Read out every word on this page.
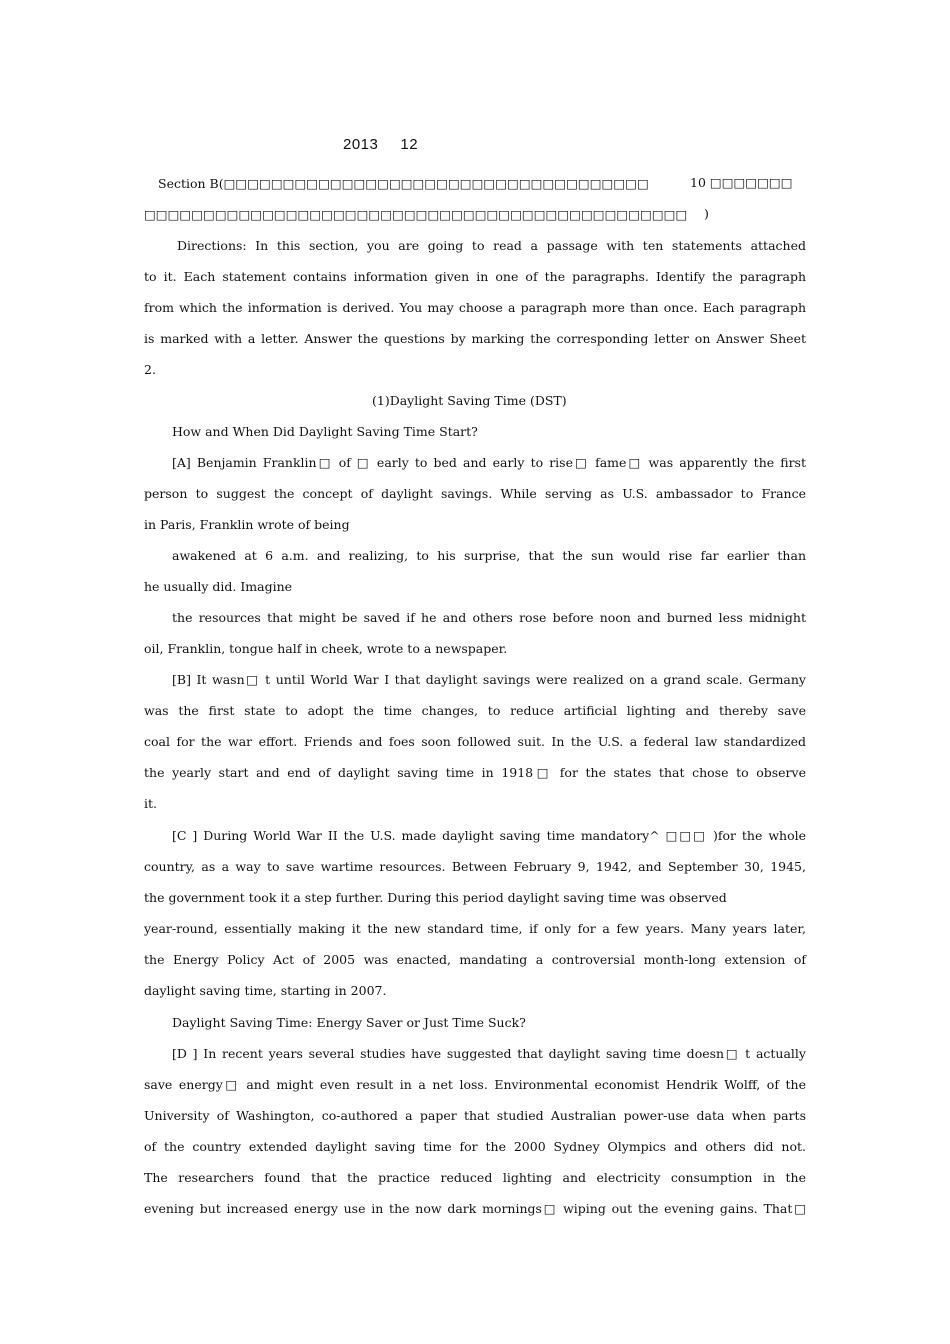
2013 12
Section B(□□□□□□□□□□□□□□□□□□□□□□□□□□□□□□□□□□□□	10 □□□□□□□
□□□□□□□□□□□□□□□□□□□□□□□□□□□□□□□□□□□□□□□□□□□□□□ )
Directions: In this section, you are going to read a passage with ten statements attached
to it. Each statement contains information given in one of the paragraphs. Identify the paragraph
from which the information is derived. You may choose a paragraph more than once. Each paragraph
is marked with a letter. Answer the questions by marking the corresponding letter on Answer Sheet
2.
(1)Daylight Saving Time (DST)
How and When Did Daylight Saving Time Start?
[A] Benjamin Franklin□ of □ early to bed and early to rise□ fame□ was apparently the first
person to suggest the concept of daylight savings. While serving as U.S. ambassador to France
in Paris, Franklin wrote of being
awakened at 6 a.m. and realizing, to his surprise, that the sun would rise far earlier than
he usually did. Imagine
the resources that might be saved if he and others rose before noon and burned less midnight
oil, Franklin, tongue half in cheek, wrote to a newspaper.
[B] It wasn□ t until World War I that daylight savings were realized on a grand scale. Germany
was the first state to adopt the time changes, to reduce artificial lighting and thereby save
coal for the war effort. Friends and foes soon followed suit. In the U.S. a federal law standardized
the yearly start and end of daylight saving time in 1918□ for the states that chose to observe
it.
[C ] During World War II the U.S. made daylight saving time mandatory^ □□□ )for the whole
country, as a way to save wartime resources. Between February 9, 1942, and September 30, 1945,
the government took it a step further. During this period daylight saving time was observed
year-round, essentially making it the new standard time, if only for a few years. Many years later,
the Energy Policy Act of 2005 was enacted, mandating a controversial month-long extension of
daylight saving time, starting in 2007.
Daylight Saving Time: Energy Saver or Just Time Suck?
[D ] In recent years several studies have suggested that daylight saving time doesn□ t actually
save energy□ and might even result in a net loss. Environmental economist Hendrik Wolff, of the
University of Washington, co-authored a paper that studied Australian power-use data when parts
of the country extended daylight saving time for the 2000 Sydney Olympics and others did not.
The researchers found that the practice reduced lighting and electricity consumption in the
evening but increased energy use in the now dark mornings□ wiping out the evening gains. That□
